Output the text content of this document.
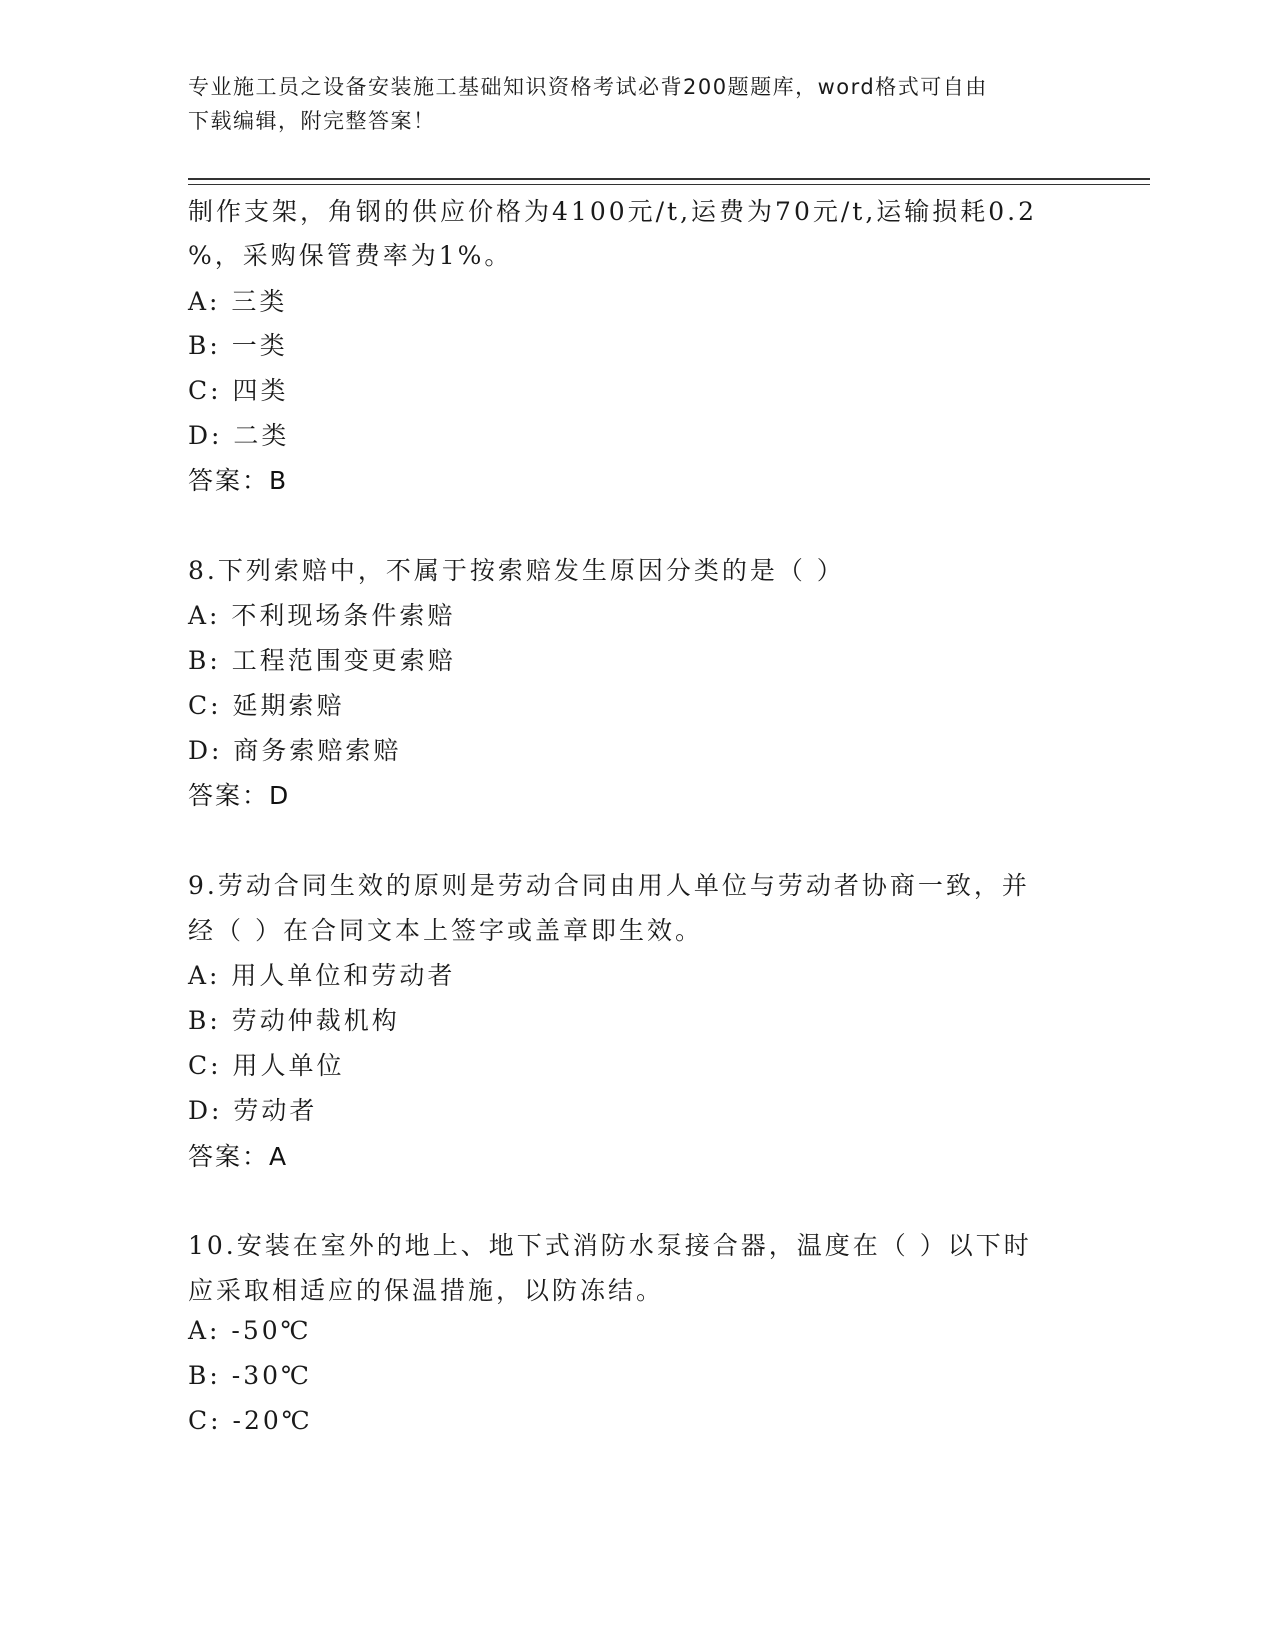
专业施工员之设备安装施工基础知识资格考试必背200题题库，word格式可自由
下载编辑，附完整答案！
制作支架，角钢的供应价格为4100元/t,运费为70元/t,运输损耗0.2
%，采购保管费率为1%。
A: 三类
B: 一类
C: 四类
D: 二类
答案：B
8.下列索赔中，不属于按索赔发生原因分类的是（ ）
A: 不利现场条件索赔
B: 工程范围变更索赔
C: 延期索赔
D: 商务索赔索赔
答案：D
9.劳动合同生效的原则是劳动合同由用人单位与劳动者协商一致，并
经（ ）在合同文本上签字或盖章即生效。
A: 用人单位和劳动者
B: 劳动仲裁机构
C: 用人单位
D: 劳动者
答案：A
10.安装在室外的地上、地下式消防水泵接合器，温度在（ ）以下时
应采取相适应的保温措施，以防冻结。
A: -50℃
B: -30℃
C: -20℃
